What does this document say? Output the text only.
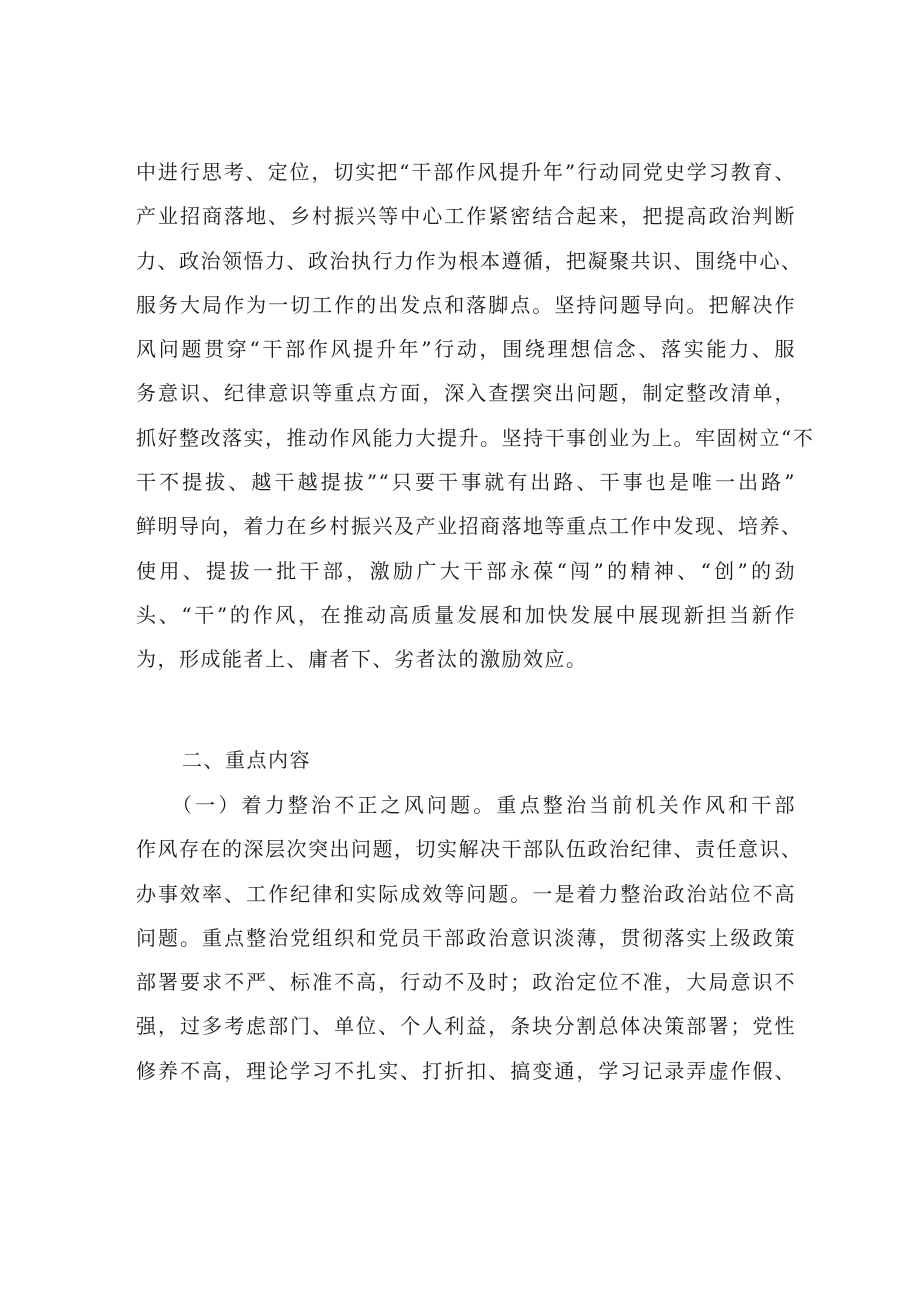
中进行思考、定位，切实把“干部作风提升年”行动同党史学习教育、
产业招商落地、乡村振兴等中心工作紧密结合起来，把提高政治判断
力、政治领悟力、政治执行力作为根本遵循，把凝聚共识、围绕中心、
服务大局作为一切工作的出发点和落脚点。坚持问题导向。把解决作
风问题贯穿“干部作风提升年”行动，围绕理想信念、落实能力、服
务意识、纪律意识等重点方面，深入查摆突出问题，制定整改清单，
抓好整改落实，推动作风能力大提升。坚持干事创业为上。牢固树立“不
干不提拔、越干越提拔”“只要干事就有出路、干事也是唯一出路”
鲜明导向，着力在乡村振兴及产业招商落地等重点工作中发现、培养、
使用、提拔一批干部，激励广大干部永葆“闯”的精神、“创”的劲
头、“干”的作风，在推动高质量发展和加快发展中展现新担当新作
为，形成能者上、庸者下、劣者汰的激励效应。
二、重点内容
（一）着力整治不正之风问题。重点整治当前机关作风和干部
作风存在的深层次突出问题，切实解决干部队伍政治纪律、责任意识、
办事效率、工作纪律和实际成效等问题。一是着力整治政治站位不高
问题。重点整治党组织和党员干部政治意识淡薄，贯彻落实上级政策
部署要求不严、标准不高，行动不及时；政治定位不准，大局意识不
强，过多考虑部门、单位、个人利益，条块分割总体决策部署；党性
修养不高，理论学习不扎实、打折扣、搞变通，学习记录弄虚作假、
